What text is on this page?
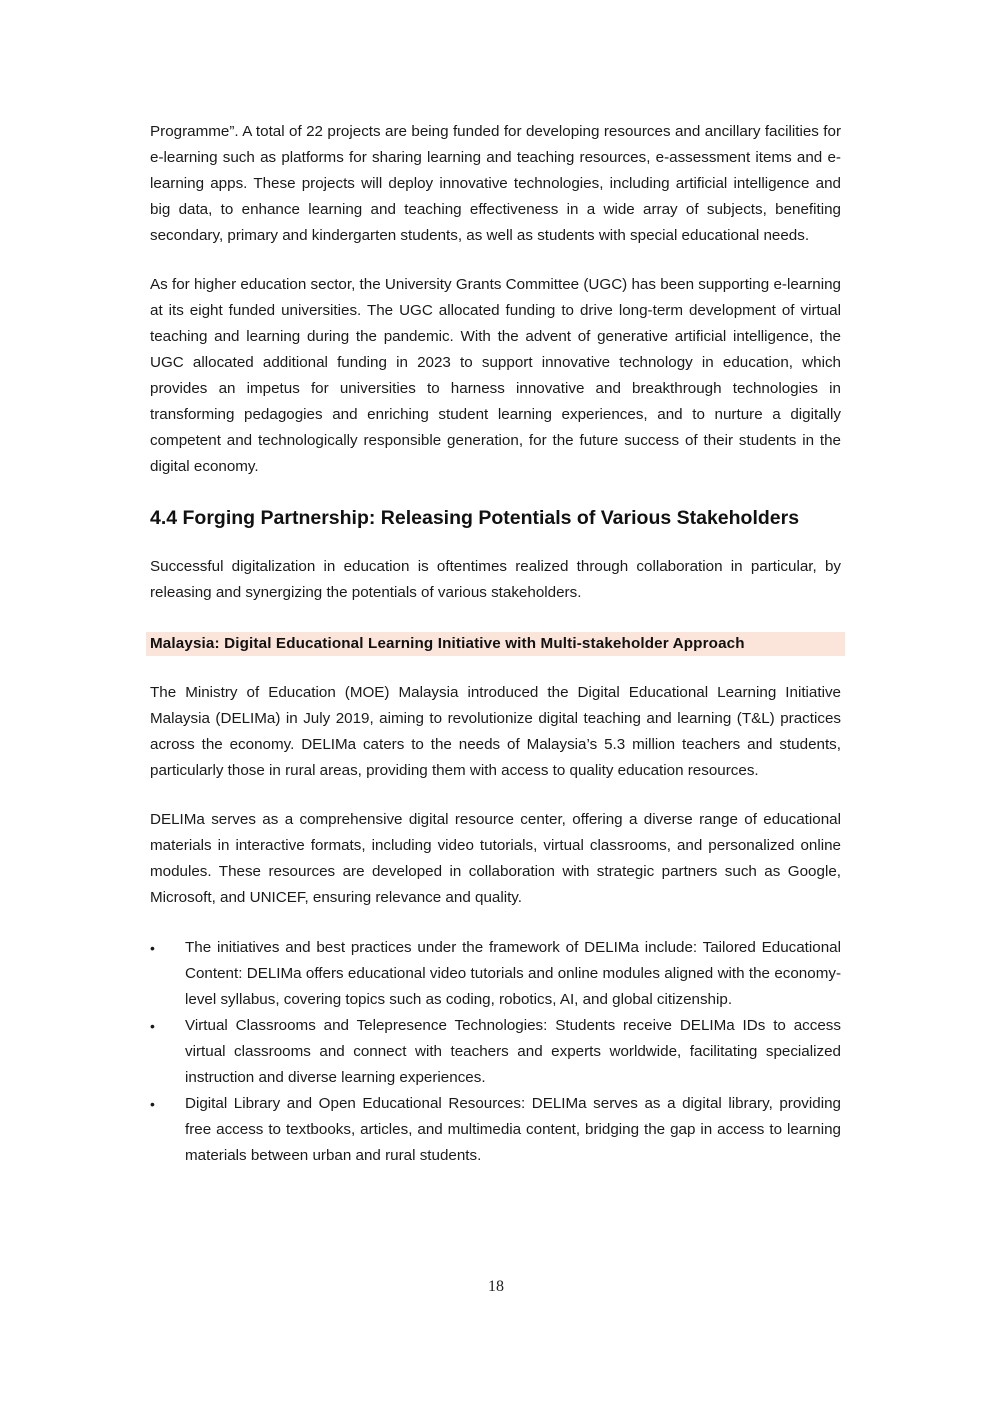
Programme”. A total of 22 projects are being funded for developing resources and ancillary facilities for e-learning such as platforms for sharing learning and teaching resources, e-assessment items and e-learning apps. These projects will deploy innovative technologies, including artificial intelligence and big data, to enhance learning and teaching effectiveness in a wide array of subjects, benefiting secondary, primary and kindergarten students, as well as students with special educational needs.

As for higher education sector, the University Grants Committee (UGC) has been supporting e-learning at its eight funded universities. The UGC allocated funding to drive long-term development of virtual teaching and learning during the pandemic. With the advent of generative artificial intelligence, the UGC allocated additional funding in 2023 to support innovative technology in education, which provides an impetus for universities to harness innovative and breakthrough technologies in transforming pedagogies and enriching student learning experiences, and to nurture a digitally competent and technologically responsible generation, for the future success of their students in the digital economy.

4.4 Forging Partnership: Releasing Potentials of Various Stakeholders

Successful digitalization in education is oftentimes realized through collaboration in particular, by releasing and synergizing the potentials of various stakeholders.

Malaysia: Digital Educational Learning Initiative with Multi-stakeholder Approach

The Ministry of Education (MOE) Malaysia introduced the Digital Educational Learning Initiative Malaysia (DELIMa) in July 2019, aiming to revolutionize digital teaching and learning (T&L) practices across the economy. DELIMa caters to the needs of Malaysia’s 5.3 million teachers and students, particularly those in rural areas, providing them with access to quality education resources.

DELIMa serves as a comprehensive digital resource center, offering a diverse range of educational materials in interactive formats, including video tutorials, virtual classrooms, and personalized online modules. These resources are developed in collaboration with strategic partners such as Google, Microsoft, and UNICEF, ensuring relevance and quality.

•	The initiatives and best practices under the framework of DELIMa include: Tailored Educational Content: DELIMa offers educational video tutorials and online modules aligned with the economy-level syllabus, covering topics such as coding, robotics, AI, and global citizenship.
•	Virtual Classrooms and Telepresence Technologies: Students receive DELIMa IDs to access virtual classrooms and connect with teachers and experts worldwide, facilitating specialized instruction and diverse learning experiences.
•	Digital Library and Open Educational Resources: DELIMa serves as a digital library, providing free access to textbooks, articles, and multimedia content, bridging the gap in access to learning materials between urban and rural students.
18
